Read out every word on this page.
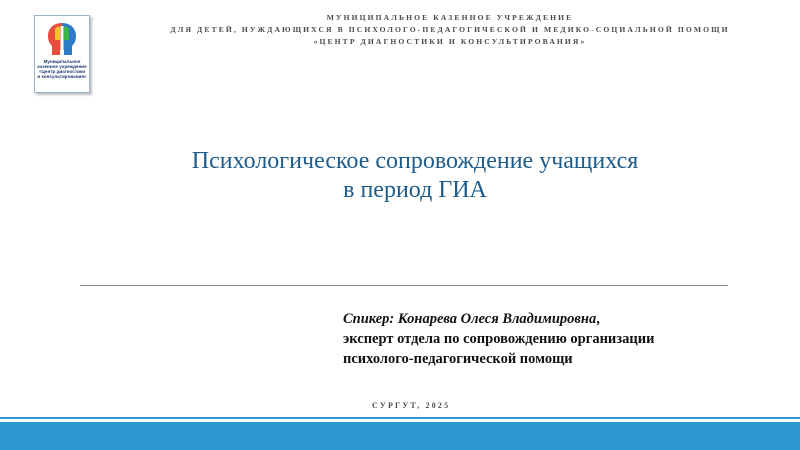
Муниципальное казенное учреждение «Центр диагностики и консультирования»
МУНИЦИПАЛЬНОЕ КАЗЕННОЕ УЧРЕЖДЕНИЕ
ДЛЯ ДЕТЕЙ, НУЖДАЮЩИХСЯ В ПСИХОЛОГО-ПЕДАГОГИЧЕСКОЙ И МЕДИКО-СОЦИАЛЬНОЙ ПОМОЩИ
«ЦЕНТР ДИАГНОСТИКИ И КОНСУЛЬТИРОВАНИЯ»
Психологическое сопровождение учащихся
в период ГИА
Спикер: Конарева Олеся Владимировна,
эксперт отдела по сопровождению организации
психолого-педагогической помощи
СУРГУТ, 2025
